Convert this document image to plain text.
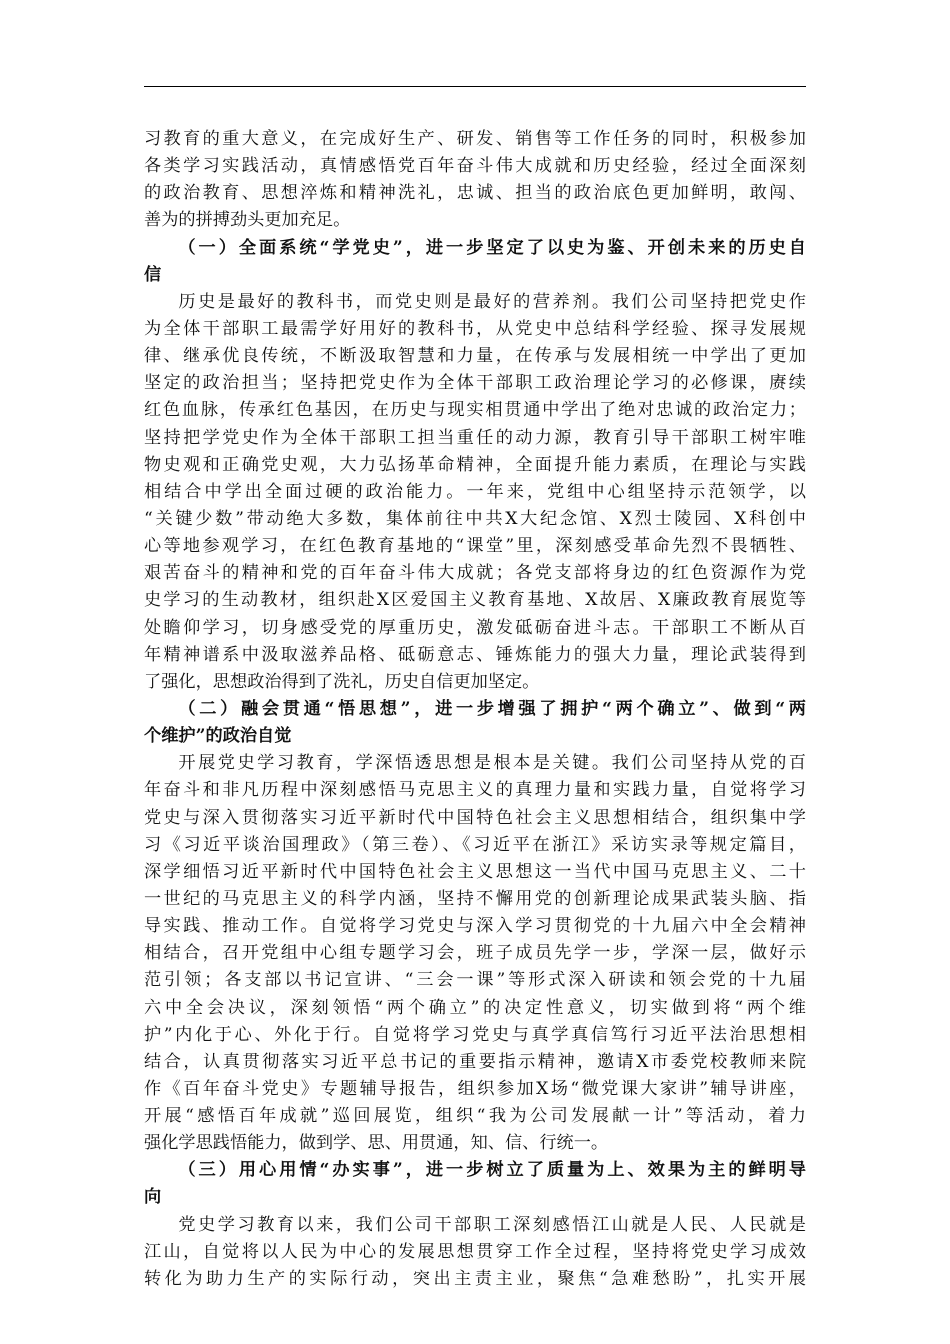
习教育的重大意义，在完成好生产、研发、销售等工作任务的同时，积极参加
各类学习实践活动，真情感悟党百年奋斗伟大成就和历史经验，经过全面深刻
的政治教育、思想淬炼和精神洗礼，忠诚、担当的政治底色更加鲜明，敢闯、
善为的拼搏劲头更加充足。
（一）全面系统“学党史”，进一步坚定了以史为鉴、开创未来的历史自
信
历史是最好的教科书，而党史则是最好的营养剂。我们公司坚持把党史作
为全体干部职工最需学好用好的教科书，从党史中总结科学经验、探寻发展规
律、继承优良传统，不断汲取智慧和力量，在传承与发展相统一中学出了更加
坚定的政治担当；坚持把党史作为全体干部职工政治理论学习的必修课，赓续
红色血脉，传承红色基因，在历史与现实相贯通中学出了绝对忠诚的政治定力；
坚持把学党史作为全体干部职工担当重任的动力源，教育引导干部职工树牢唯
物史观和正确党史观，大力弘扬革命精神，全面提升能力素质，在理论与实践
相结合中学出全面过硬的政治能力。一年来，党组中心组坚持示范领学，以
“关键少数”带动绝大多数，集体前往中共X大纪念馆、X烈士陵园、X科创中
心等地参观学习，在红色教育基地的“课堂”里，深刻感受革命先烈不畏牺牲、
艰苦奋斗的精神和党的百年奋斗伟大成就；各党支部将身边的红色资源作为党
史学习的生动教材，组织赴X区爱国主义教育基地、X故居、X廉政教育展览等
处瞻仰学习，切身感受党的厚重历史，激发砥砺奋进斗志。干部职工不断从百
年精神谱系中汲取滋养品格、砥砺意志、锤炼能力的强大力量，理论武装得到
了强化，思想政治得到了洗礼，历史自信更加坚定。
（二）融会贯通“悟思想”，进一步增强了拥护“两个确立”、做到“两
个维护”的政治自觉
开展党史学习教育，学深悟透思想是根本是关键。我们公司坚持从党的百
年奋斗和非凡历程中深刻感悟马克思主义的真理力量和实践力量，自觉将学习
党史与深入贯彻落实习近平新时代中国特色社会主义思想相结合，组织集中学
习《习近平谈治国理政》（第三卷）、《习近平在浙江》采访实录等规定篇目，
深学细悟习近平新时代中国特色社会主义思想这一当代中国马克思主义、二十
一世纪的马克思主义的科学内涵，坚持不懈用党的创新理论成果武装头脑、指
导实践、推动工作。自觉将学习党史与深入学习贯彻党的十九届六中全会精神
相结合，召开党组中心组专题学习会，班子成员先学一步，学深一层，做好示
范引领；各支部以书记宣讲、“三会一课”等形式深入研读和领会党的十九届
六中全会决议，深刻领悟“两个确立”的决定性意义，切实做到将“两个维
护”内化于心、外化于行。自觉将学习党史与真学真信笃行习近平法治思想相
结合，认真贯彻落实习近平总书记的重要指示精神，邀请X市委党校教师来院
作《百年奋斗党史》专题辅导报告，组织参加X场“微党课大家讲”辅导讲座，
开展“感悟百年成就”巡回展览，组织“我为公司发展献一计”等活动，着力
强化学思践悟能力，做到学、思、用贯通，知、信、行统一。
（三）用心用情“办实事”，进一步树立了质量为上、效果为主的鲜明导
向
党史学习教育以来，我们公司干部职工深刻感悟江山就是人民、人民就是
江山，自觉将以人民为中心的发展思想贯穿工作全过程，坚持将党史学习成效
转化为助力生产的实际行动，突出主责主业，聚焦“急难愁盼”，扎实开展
